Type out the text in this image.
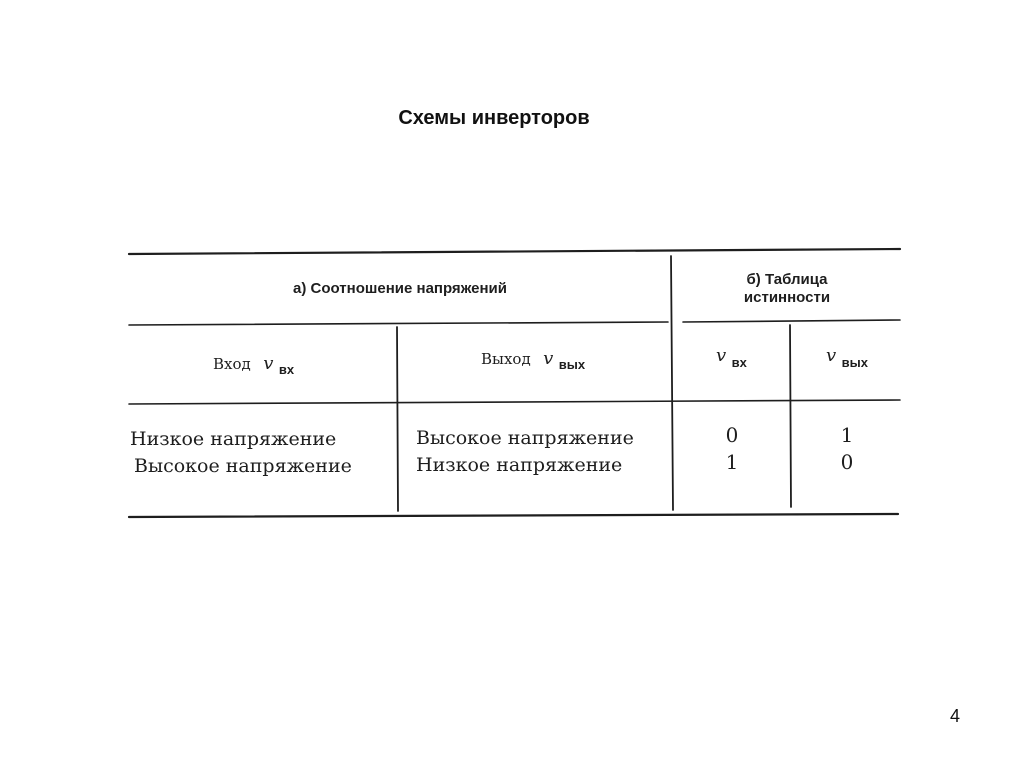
Схемы инверторов
а) Соотношение напряжений
б) Таблица
истинности
Вход v $_{вх}$
Выход v $_{вых}$	v $_{вх}$	v $_{вых}$
Низкое напряжение
Высокое напряжение
Высокое напряжение
Низкое напряжение
0
1
1
0
4
